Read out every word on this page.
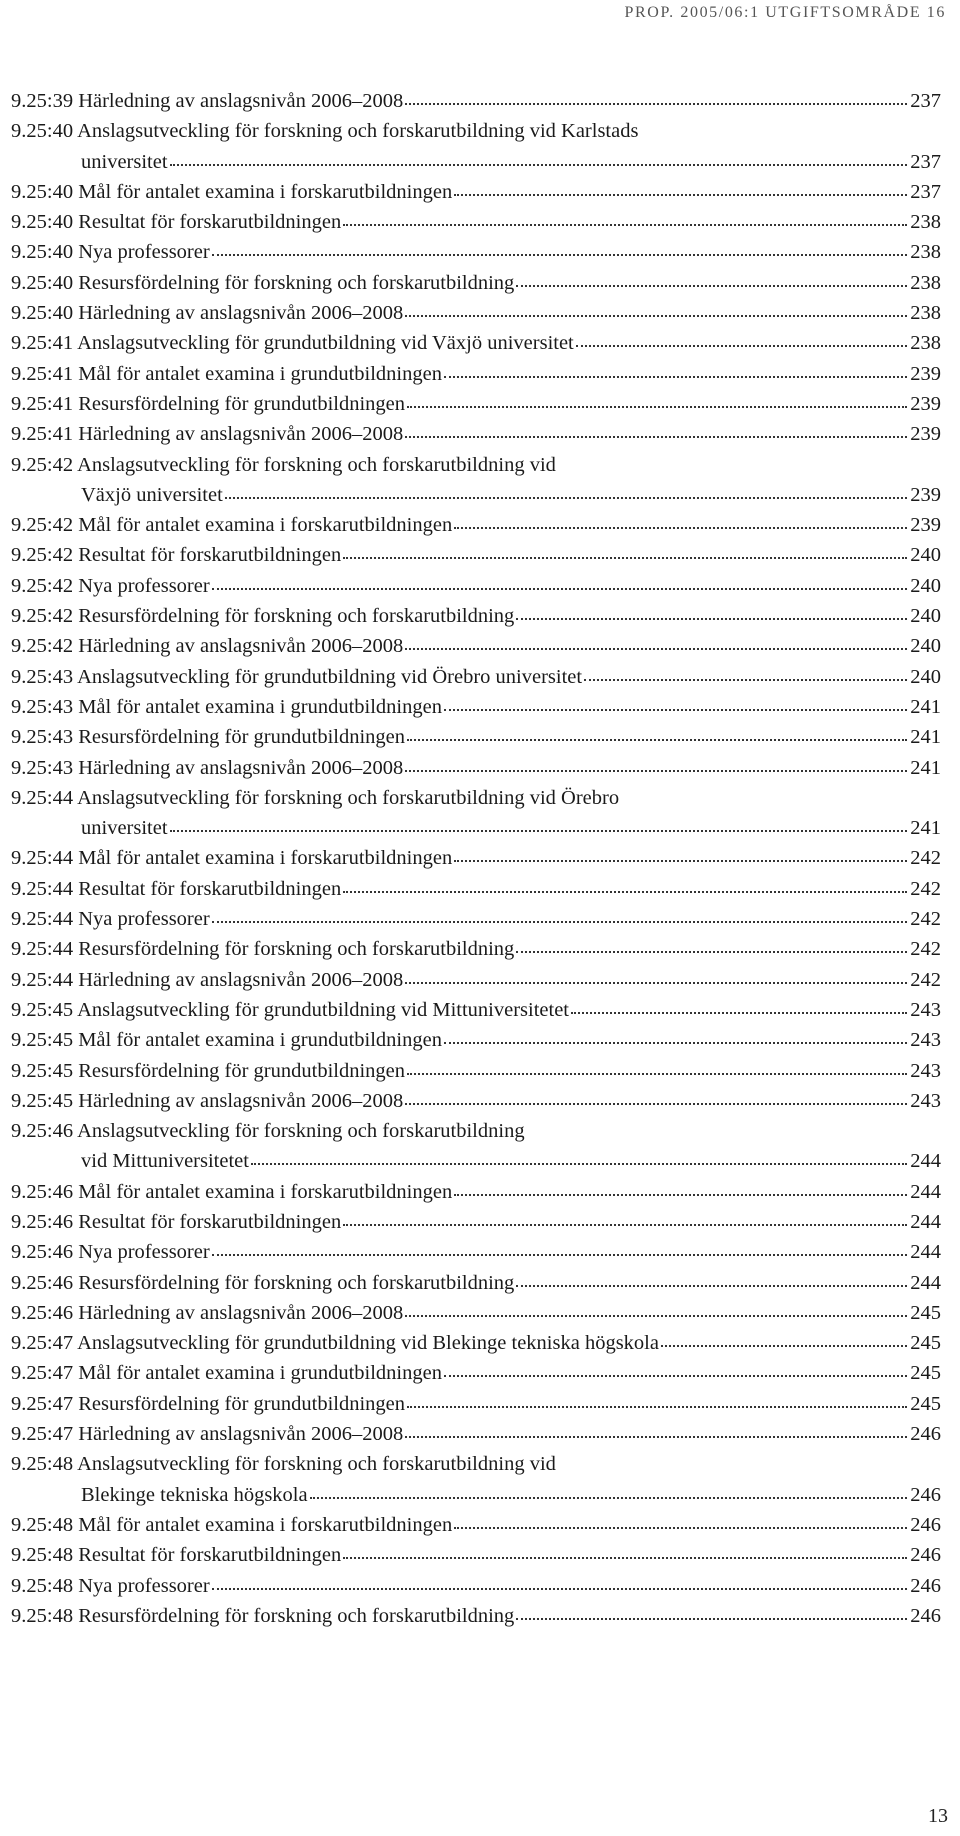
PROP. 2005/06:1 UTGIFTSOMRÅDE 16
9.25:39 Härledning av anslagsnivån 2006–2008	237
9.25:40 Anslagsutveckling för forskning och forskarutbildning vid Karlstads
universitet	237
9.25:40 Mål för antalet examina i forskarutbildningen	237
9.25:40 Resultat för forskarutbildningen	238
9.25:40 Nya professorer	238
9.25:40 Resursfördelning för forskning och forskarutbildning	238
9.25:40 Härledning av anslagsnivån 2006–2008	238
9.25:41 Anslagsutveckling för grundutbildning vid Växjö universitet	238
9.25:41 Mål för antalet examina i grundutbildningen	239
9.25:41 Resursfördelning för grundutbildningen	239
9.25:41 Härledning av anslagsnivån 2006–2008	239
9.25:42 Anslagsutveckling för forskning och forskarutbildning vid
Växjö universitet	239
9.25:42 Mål för antalet examina i forskarutbildningen	239
9.25:42 Resultat för forskarutbildningen	240
9.25:42 Nya professorer	240
9.25:42 Resursfördelning för forskning och forskarutbildning	240
9.25:42 Härledning av anslagsnivån 2006–2008	240
9.25:43 Anslagsutveckling för grundutbildning vid Örebro universitet	240
9.25:43 Mål för antalet examina i grundutbildningen	241
9.25:43 Resursfördelning för grundutbildningen	241
9.25:43 Härledning av anslagsnivån 2006–2008	241
9.25:44 Anslagsutveckling för forskning och forskarutbildning vid Örebro
universitet	241
9.25:44 Mål för antalet examina i forskarutbildningen	242
9.25:44 Resultat för forskarutbildningen	242
9.25:44 Nya professorer	242
9.25:44 Resursfördelning för forskning och forskarutbildning	242
9.25:44 Härledning av anslagsnivån 2006–2008	242
9.25:45 Anslagsutveckling för grundutbildning vid Mittuniversitetet	243
9.25:45 Mål för antalet examina i grundutbildningen	243
9.25:45 Resursfördelning för grundutbildningen	243
9.25:45 Härledning av anslagsnivån 2006–2008	243
9.25:46 Anslagsutveckling för forskning och forskarutbildning
vid Mittuniversitetet	244
9.25:46 Mål för antalet examina i forskarutbildningen	244
9.25:46 Resultat för forskarutbildningen	244
9.25:46 Nya professorer	244
9.25:46 Resursfördelning för forskning och forskarutbildning	244
9.25:46 Härledning av anslagsnivån 2006–2008	245
9.25:47 Anslagsutveckling för grundutbildning vid Blekinge tekniska högskola	245
9.25:47 Mål för antalet examina i grundutbildningen	245
9.25:47 Resursfördelning för grundutbildningen	245
9.25:47 Härledning av anslagsnivån 2006–2008	246
9.25:48 Anslagsutveckling för forskning och forskarutbildning vid
Blekinge tekniska högskola	246
9.25:48 Mål för antalet examina i forskarutbildningen	246
9.25:48 Resultat för forskarutbildningen	246
9.25:48 Nya professorer	246
9.25:48 Resursfördelning för forskning och forskarutbildning	246
13
